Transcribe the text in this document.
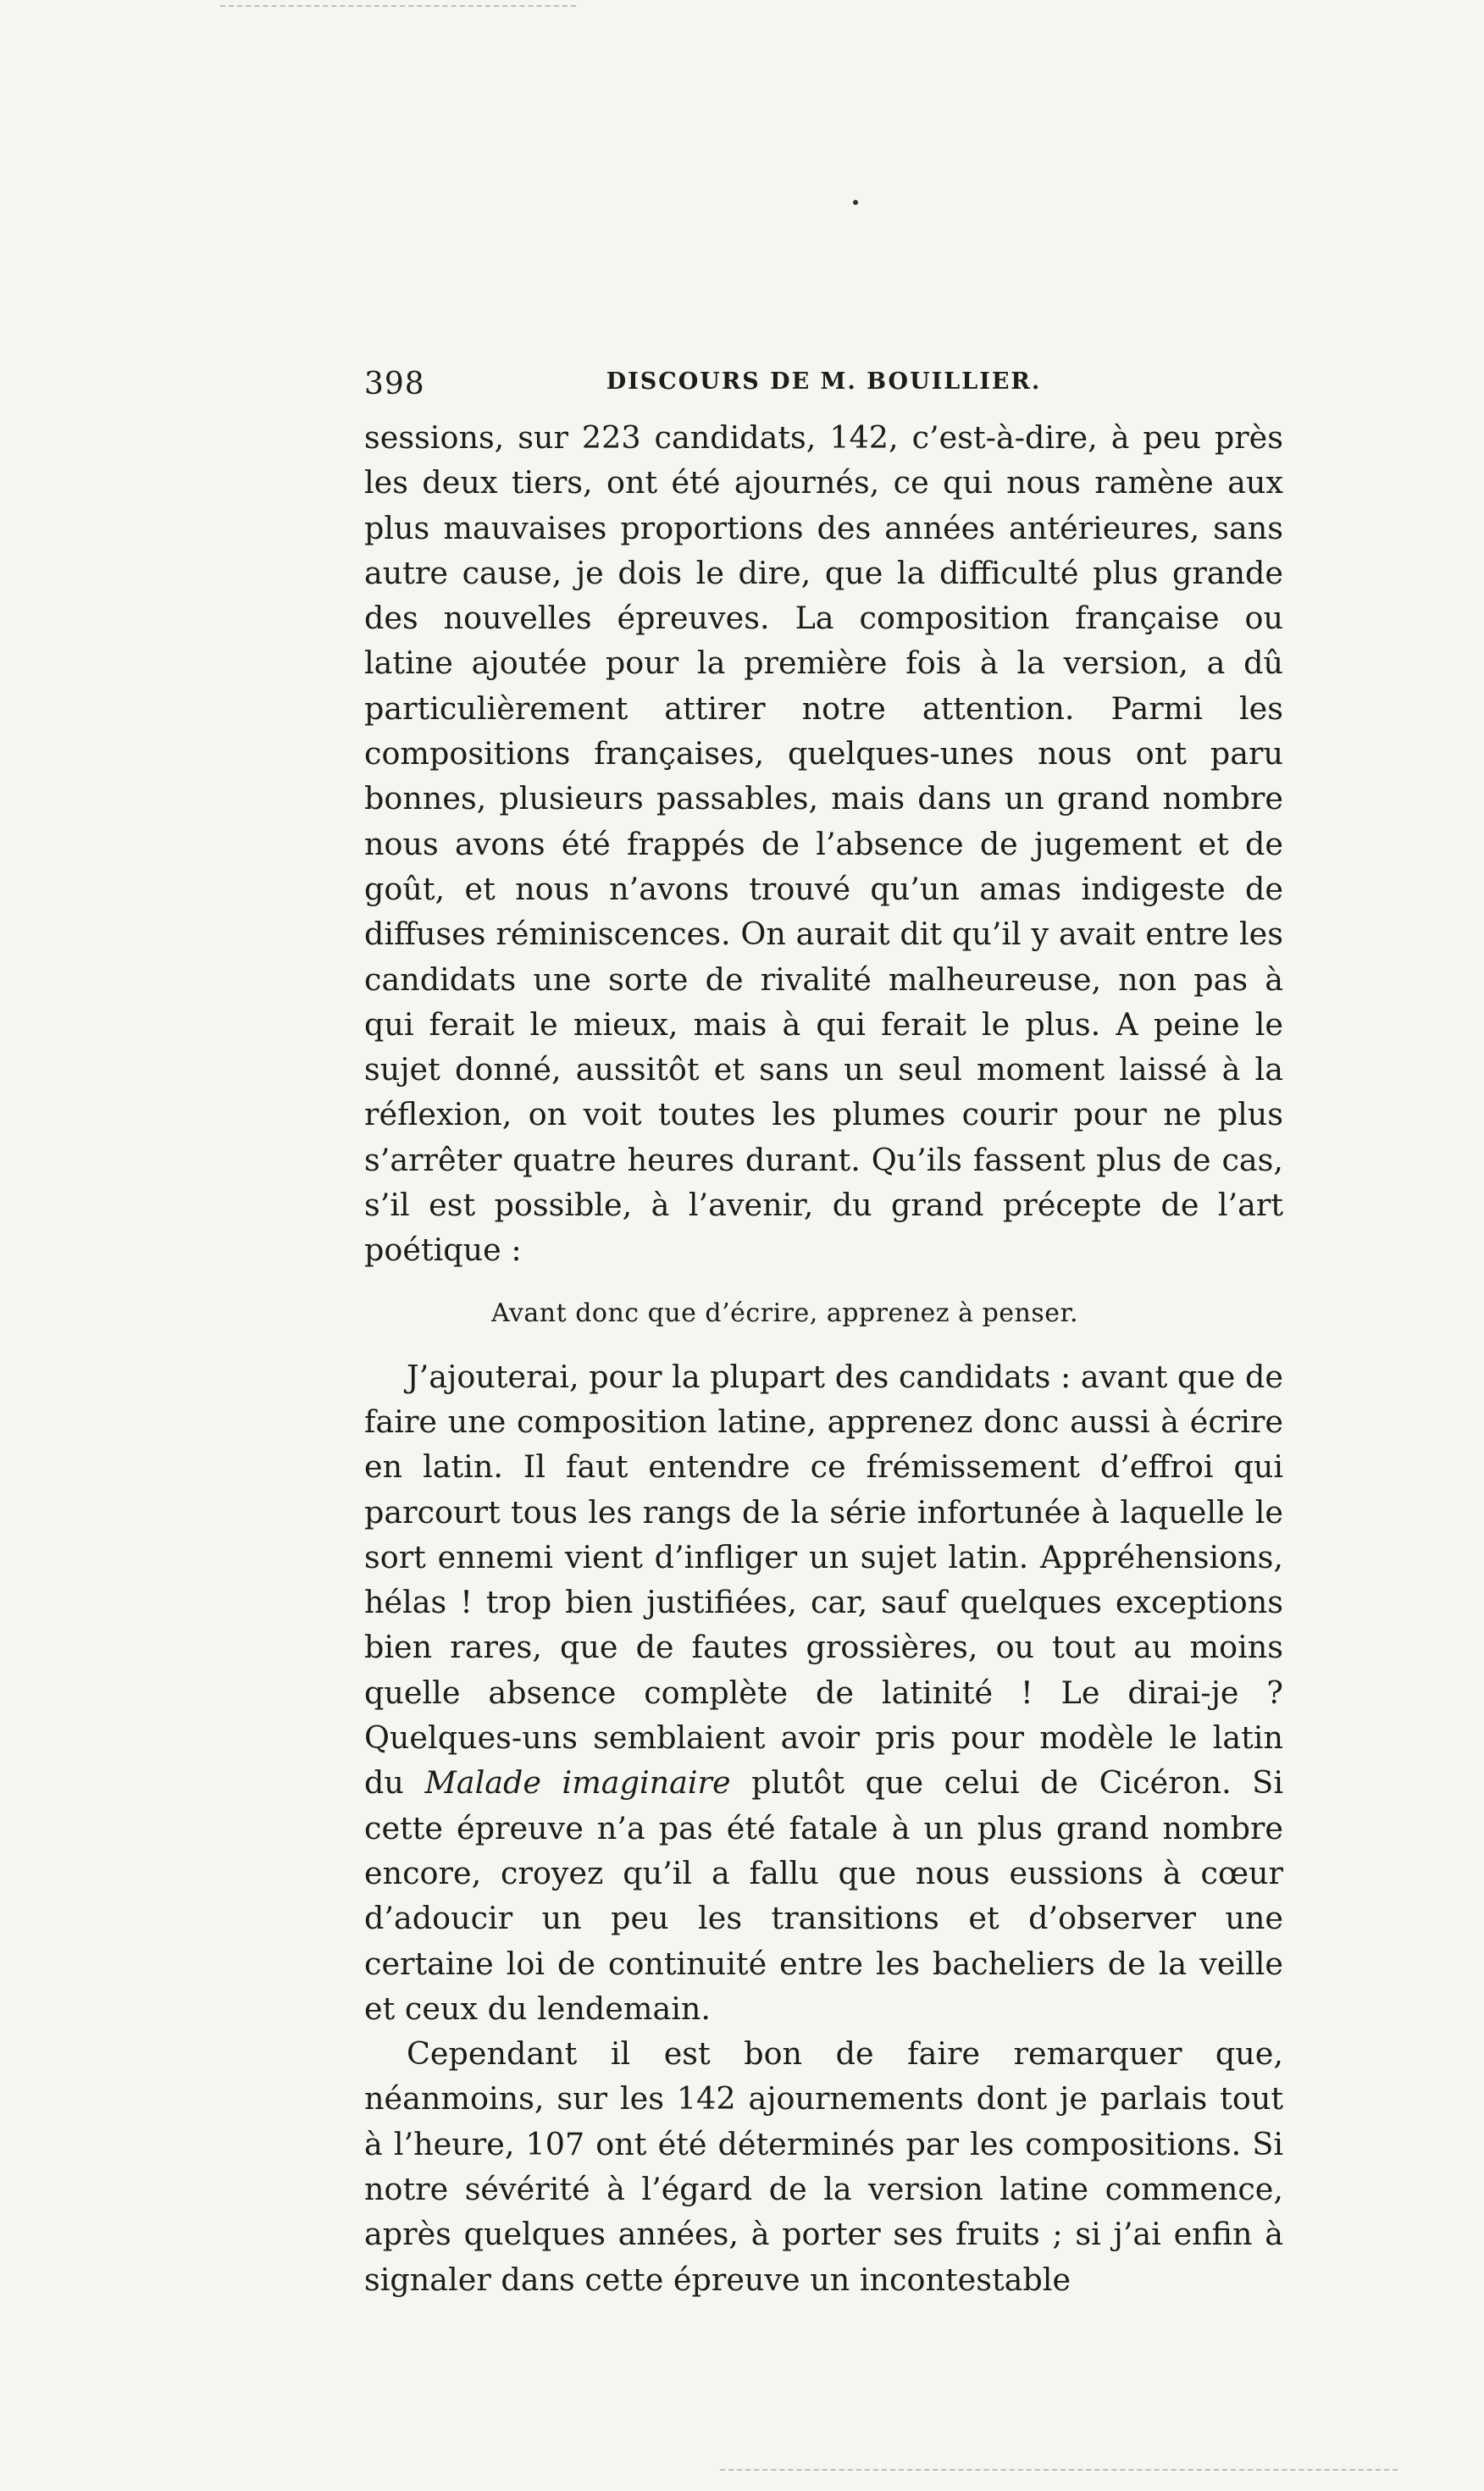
398	DISCOURS DE M. BOUILLIER.

sessions, sur 223 candidats, 142, c’est-à-dire, à peu près les deux tiers, ont été ajournés, ce qui nous ramène aux plus mauvaises proportions des années antérieures, sans autre cause, je dois le dire, que la difficulté plus grande des nouvelles épreuves. La composition française ou latine ajoutée pour la première fois à la version, a dû particulièrement attirer notre attention. Parmi les compositions françaises, quelques-unes nous ont paru bonnes, plusieurs passables, mais dans un grand nombre nous avons été frappés de l’absence de jugement et de goût, et nous n’avons trouvé qu’un amas indigeste de diffuses réminiscences. On aurait dit qu’il y avait entre les candidats une sorte de rivalité malheureuse, non pas à qui ferait le mieux, mais à qui ferait le plus. A peine le sujet donné, aussitôt et sans un seul moment laissé à la réflexion, on voit toutes les plumes courir pour ne plus s’arrêter quatre heures durant. Qu’ils fassent plus de cas, s’il est possible, à l’avenir, du grand précepte de l’art poétique :

Avant donc que d’écrire, apprenez à penser.

J’ajouterai, pour la plupart des candidats : avant que de faire une composition latine, apprenez donc aussi à écrire en latin. Il faut entendre ce frémissement d’effroi qui parcourt tous les rangs de la série infortunée à laquelle le sort ennemi vient d’infliger un sujet latin. Appréhensions, hélas ! trop bien justifiées, car, sauf quelques exceptions bien rares, que de fautes grossières, ou tout au moins quelle absence complète de latinité ! Le dirai-je ? Quelques-uns semblaient avoir pris pour modèle le latin du Malade imaginaire plutôt que celui de Cicéron. Si cette épreuve n’a pas été fatale à un plus grand nombre encore, croyez qu’il a fallu que nous eussions à cœur d’adoucir un peu les transitions et d’observer une certaine loi de continuité entre les bacheliers de la veille et ceux du lendemain.

Cependant il est bon de faire remarquer que, néanmoins, sur les 142 ajournements dont je parlais tout à l’heure, 107 ont été déterminés par les compositions. Si notre sévérité à l’égard de la version latine commence, après quelques années, à porter ses fruits ; si j’ai enfin à signaler dans cette épreuve un incontestable
